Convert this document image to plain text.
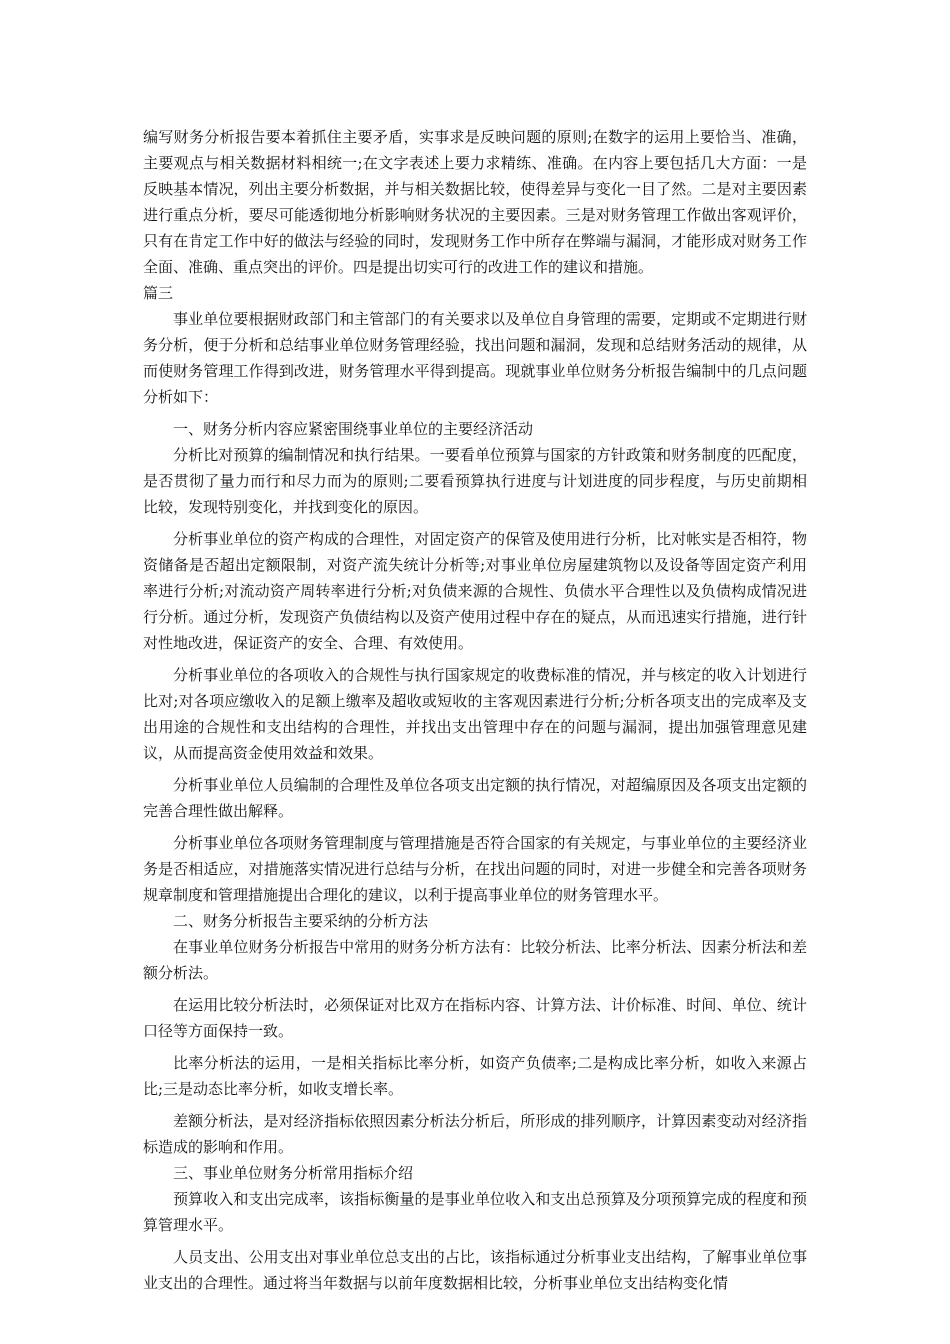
编写财务分析报告要本着抓住主要矛盾，实事求是反映问题的原则;在数字的运用上要恰当、准确，主要观点与相关数据材料相统一;在文字表述上要力求精练、准确。在内容上要包括几大方面：一是反映基本情况，列出主要分析数据，并与相关数据比较，使得差异与变化一目了然。二是对主要因素进行重点分析，要尽可能透彻地分析影响财务状况的主要因素。三是对财务管理工作做出客观评价，只有在肯定工作中好的做法与经验的同时，发现财务工作中所存在弊端与漏洞，才能形成对财务工作全面、准确、重点突出的评价。四是提出切实可行的改进工作的建议和措施。

篇三

事业单位要根据财政部门和主管部门的有关要求以及单位自身管理的需要，定期或不定期进行财务分析，便于分析和总结事业单位财务管理经验，找出问题和漏洞，发现和总结财务活动的规律，从而使财务管理工作得到改进，财务管理水平得到提高。现就事业单位财务分析报告编制中的几点问题分析如下：

一、财务分析内容应紧密围绕事业单位的主要经济活动

分析比对预算的编制情况和执行结果。一要看单位预算与国家的方针政策和财务制度的匹配度，是否贯彻了量力而行和尽力而为的原则;二要看预算执行进度与计划进度的同步程度，与历史前期相比较，发现特别变化，并找到变化的原因。

分析事业单位的资产构成的合理性，对固定资产的保管及使用进行分析，比对帐实是否相符，物资储备是否超出定额限制，对资产流失统计分析等;对事业单位房屋建筑物以及设备等固定资产利用率进行分析;对流动资产周转率进行分析;对负债来源的合规性、负债水平合理性以及负债构成情况进行分析。通过分析，发现资产负债结构以及资产使用过程中存在的疑点，从而迅速实行措施，进行针对性地改进，保证资产的安全、合理、有效使用。

分析事业单位的各项收入的合规性与执行国家规定的收费标准的情况，并与核定的收入计划进行比对;对各项应缴收入的足额上缴率及超收或短收的主客观因素进行分析;分析各项支出的完成率及支出用途的合规性和支出结构的合理性，并找出支出管理中存在的问题与漏洞，提出加强管理意见建议，从而提高资金使用效益和效果。

分析事业单位人员编制的合理性及单位各项支出定额的执行情况，对超编原因及各项支出定额的完善合理性做出解释。

分析事业单位各项财务管理制度与管理措施是否符合国家的有关规定，与事业单位的主要经济业务是否相适应，对措施落实情况进行总结与分析，在找出问题的同时，对进一步健全和完善各项财务规章制度和管理措施提出合理化的建议，以利于提高事业单位的财务管理水平。

二、财务分析报告主要采纳的分析方法

在事业单位财务分析报告中常用的财务分析方法有：比较分析法、比率分析法、因素分析法和差额分析法。

在运用比较分析法时，必须保证对比双方在指标内容、计算方法、计价标准、时间、单位、统计口径等方面保持一致。

比率分析法的运用，一是相关指标比率分析，如资产负债率;二是构成比率分析，如收入来源占比;三是动态比率分析，如收支增长率。

差额分析法，是对经济指标依照因素分析法分析后，所形成的排列顺序，计算因素变动对经济指标造成的影响和作用。

三、事业单位财务分析常用指标介绍

预算收入和支出完成率，该指标衡量的是事业单位收入和支出总预算及分项预算完成的程度和预算管理水平。

人员支出、公用支出对事业单位总支出的占比，该指标通过分析事业支出结构，了解事业单位事业支出的合理性。通过将当年数据与以前年度数据相比较，分析事业单位支出结构变化情
